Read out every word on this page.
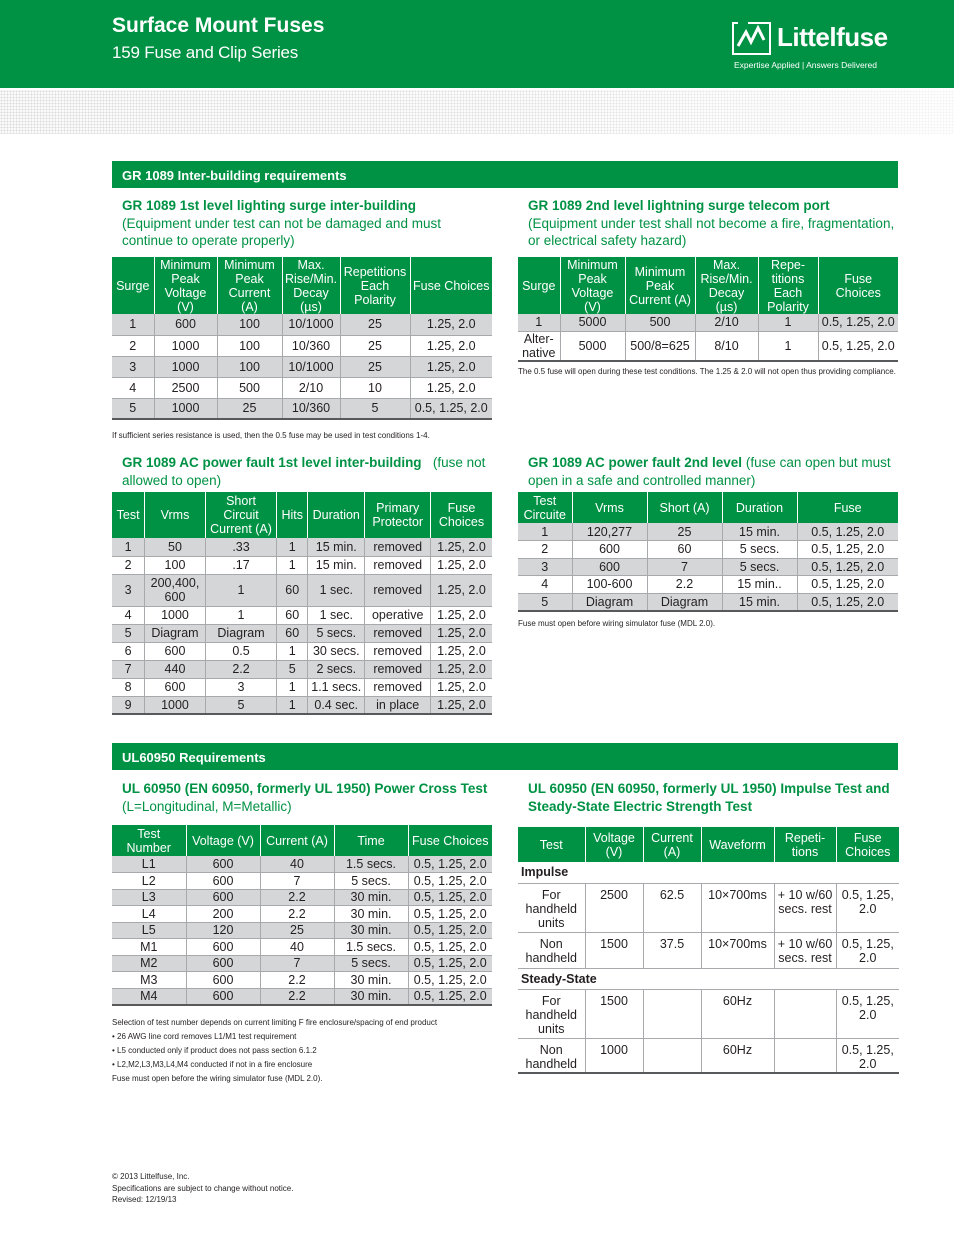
Surface Mount Fuses
159 Fuse and Clip Series
Littelfuse
Expertise Applied | Answers Delivered
GR 1089 Inter-building requirements
GR 1089 1st level lighting surge inter-building
(Equipment under test can not be damaged and must continue to operate properly)
Surge	Minimum Peak Voltage (V)	Minimum Peak Current (A)	Max. Rise/Min. Decay (µs)	Repetitions Each Polarity	Fuse Choices
1	600	100	10/1000	25	1.25, 2.0
2	1000	100	10/360	25	1.25, 2.0
3	1000	100	10/1000	25	1.25, 2.0
4	2500	500	2/10	10	1.25, 2.0
5	1000	25	10/360	5	0.5, 1.25, 2.0
If sufficient series resistance is used, then the 0.5 fuse may be used in test conditions 1-4.
GR 1089 2nd level lightning surge telecom port
(Equipment under test shall not become a fire, fragmentation, or electrical safety hazard)
Surge	Minimum Peak Voltage (V)	Minimum Peak Current (A)	Max. Rise/Min. Decay (µs)	Repe- titions Each Polarity	Fuse Choices
1	5000	500	2/10	1	0.5, 1.25, 2.0
Alter- native	5000	500/8=625	8/10	1	0.5, 1.25, 2.0
The 0.5 fuse will open during these test conditions. The 1.25 & 2.0 will not open thus providing compliance.
GR 1089 AC power fault 1st level inter-building (fuse not allowed to open)
Test	Vrms	Short Circuit Current (A)	Hits	Duration	Primary Protector	Fuse Choices
1	50	.33	1	15 min.	removed	1.25, 2.0
2	100	.17	1	15 min.	removed	1.25, 2.0
3	200,400, 600	1	60	1 sec.	removed	1.25, 2.0
4	1000	1	60	1 sec.	operative	1.25, 2.0
5	Diagram	Diagram	60	5 secs.	removed	1.25, 2.0
6	600	0.5	1	30 secs.	removed	1.25, 2.0
7	440	2.2	5	2 secs.	removed	1.25, 2.0
8	600	3	1	1.1 secs.	removed	1.25, 2.0
9	1000	5	1	0.4 sec.	in place	1.25, 2.0
GR 1089 AC power fault 2nd level (fuse can open but must open in a safe and controlled manner)
Test Circuite	Vrms	Short (A)	Duration	Fuse
1	120,277	25	15 min.	0.5, 1.25, 2.0
2	600	60	5 secs.	0.5, 1.25, 2.0
3	600	7	5 secs.	0.5, 1.25, 2.0
4	100-600	2.2	15 min..	0.5, 1.25, 2.0
5	Diagram	Diagram	15 min.	0.5, 1.25, 2.0
Fuse must open before wiring simulator fuse (MDL 2.0).
UL60950 Requirements
UL 60950 (EN 60950, formerly UL 1950) Power Cross Test
(L=Longitudinal, M=Metallic)
Test Number	Voltage (V)	Current (A)	Time	Fuse Choices
L1	600	40	1.5 secs.	0.5, 1.25, 2.0
L2	600	7	5 secs.	0.5, 1.25, 2.0
L3	600	2.2	30 min.	0.5, 1.25, 2.0
L4	200	2.2	30 min.	0.5, 1.25, 2.0
L5	120	25	30 min.	0.5, 1.25, 2.0
M1	600	40	1.5 secs.	0.5, 1.25, 2.0
M2	600	7	5 secs.	0.5, 1.25, 2.0
M3	600	2.2	30 min.	0.5, 1.25, 2.0
M4	600	2.2	30 min.	0.5, 1.25, 2.0
Selection of test number depends on current limiting F fire enclosure/spacing of end product
• 26 AWG line cord removes L1/M1 test requirement
• L5 conducted only if product does not pass section 6.1.2
• L2,M2,L3,M3,L4,M4 conducted if not in a fire enclosure
Fuse must open before the wiring simulator fuse (MDL 2.0).
UL 60950 (EN 60950, formerly UL 1950) Impulse Test and Steady-State Electric Strength Test
Test	Voltage (V)	Current (A)	Waveform	Repeti- tions	Fuse Choices
Impulse					
For handheld units	2500	62.5	10×700ms	+ 10 w/60 secs. rest	0.5, 1.25, 2.0
Non handheld	1500	37.5	10×700ms	+ 10 w/60 secs. rest	0.5, 1.25, 2.0
Steady-State					
For handheld units	1500		60Hz		0.5, 1.25, 2.0
Non handheld	1000		60Hz		0.5, 1.25, 2.0
© 2013 Littelfuse, Inc.
Specifications are subject to change without notice.
Revised: 12/19/13
